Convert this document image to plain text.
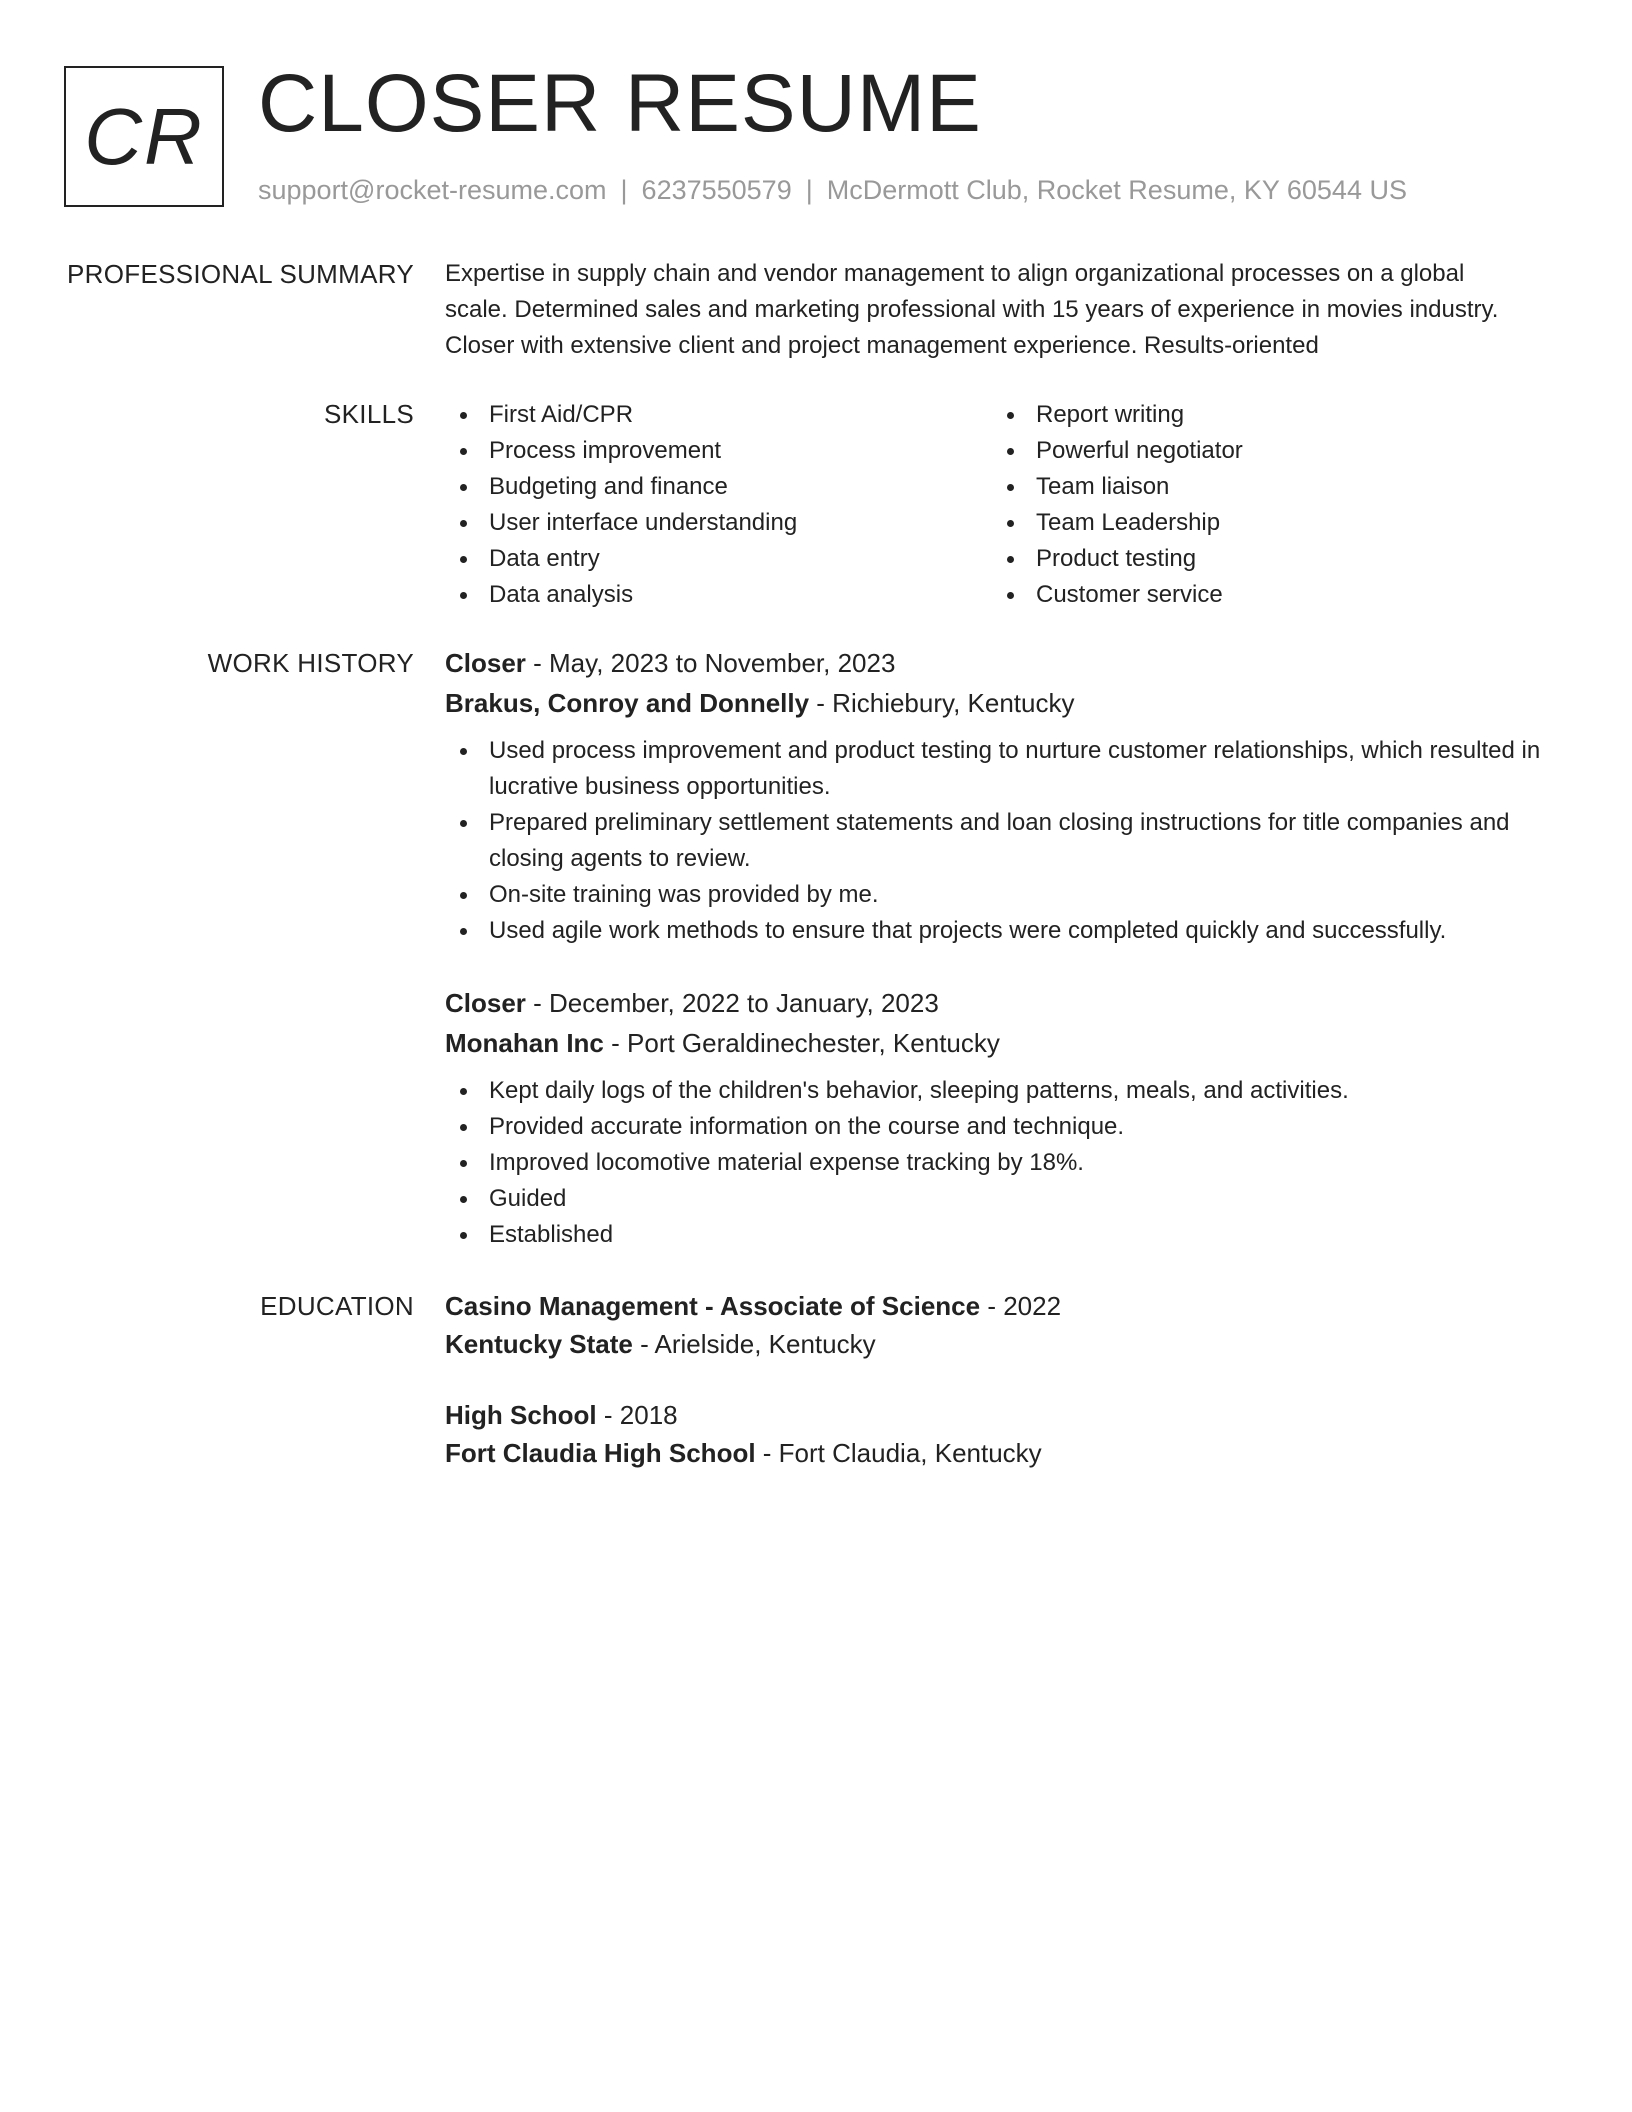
CR CLOSER RESUME
support@rocket-resume.com | 6237550579 | McDermott Club, Rocket Resume, KY 60544 US
PROFESSIONAL SUMMARY Expertise in supply chain and vendor management to align organizational processes on a global
scale. Determined sales and marketing professional with 15 years of experience in movies industry.
Closer with extensive client and project management experience. Results-oriented

SKILLS	First Aid/CPR
Process improvement
Budgeting and finance
User interface understanding
Data entry
Data analysis
Report writing
Powerful negotiator
Team liaison
Team Leadership
Product testing
Customer service
WORK HISTORY Closer - May, 2023 to November, 2023
Brakus, Conroy and Donnelly - Richiebury, Kentucky
Used process improvement and product testing to nurture customer relationships, which resulted in lucrative business opportunities.
Prepared preliminary settlement statements and loan closing instructions for title companies and closing agents to review.
On-site training was provided by me.
Used agile work methods to ensure that projects were completed quickly and successfully.
Closer - December, 2022 to January, 2023
Monahan Inc - Port Geraldinechester, Kentucky
Kept daily logs of the children's behavior, sleeping patterns, meals, and activities.
Provided accurate information on the course and technique.
Improved locomotive material expense tracking by 18%.
Guided
Established
EDUCATION Casino Management - Associate of Science - 2022
Kentucky State - Arielside, Kentucky
High School - 2018
Fort Claudia High School - Fort Claudia, Kentucky
